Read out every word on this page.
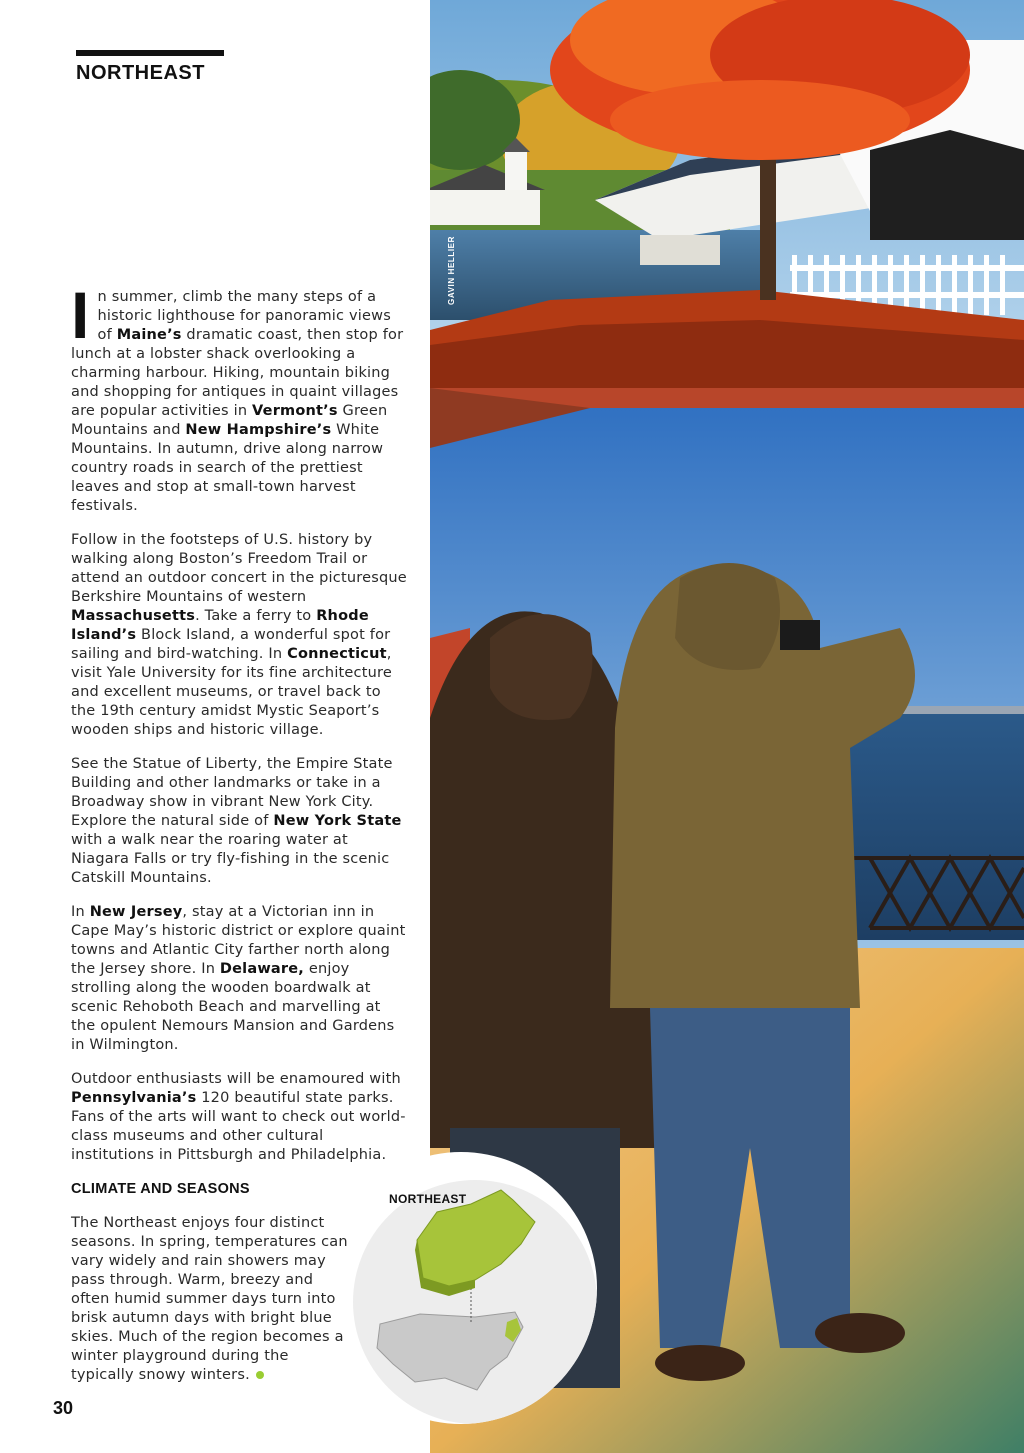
NORTHEAST

In summer, climb the many steps of a historic lighthouse for panoramic views of Maine’s dramatic coast, then stop for lunch at a lobster shack overlooking a charming harbour. Hiking, mountain biking and shopping for antiques in quaint villages are popular activities in Vermont’s Green Mountains and New Hampshire’s White Mountains. In autumn, drive along narrow country roads in search of the prettiest leaves and stop at small-town harvest festivals.

Follow in the footsteps of U.S. history by walking along Boston’s Freedom Trail or attend an outdoor concert in the picturesque Berkshire Mountains of western Massachusetts. Take a ferry to Rhode Island’s Block Island, a wonderful spot for sailing and bird-watching. In Connecticut, visit Yale University for its fine architecture and excellent museums, or travel back to the 19th century amidst Mystic Seaport’s wooden ships and historic village.

See the Statue of Liberty, the Empire State Building and other landmarks or take in a Broadway show in vibrant New York City. Explore the natural side of New York State with a walk near the roaring water at Niagara Falls or try fly-fishing in the scenic Catskill Mountains.

In New Jersey, stay at a Victorian inn in Cape May’s historic district or explore quaint towns and Atlantic City farther north along the Jersey shore. In Delaware, enjoy strolling along the wooden boardwalk at scenic Rehoboth Beach and marvelling at the opulent Nemours Mansion and Gardens in Wilmington.

Outdoor enthusiasts will be enamoured with Pennsylvania’s 120 beautiful state parks. Fans of the arts will want to check out world-class museums and other cultural institutions in Pittsburgh and Philadelphia.

GAVIN HELLIER
NORTHEAST

CLIMATE AND SEASONS

The Northeast enjoys four distinct seasons. In spring, temperatures can vary widely and rain showers may pass through. Warm, breezy and often humid summer days turn into brisk autumn days with bright blue skies. Much of the region becomes a winter playground during the typically snowy winters.

30
